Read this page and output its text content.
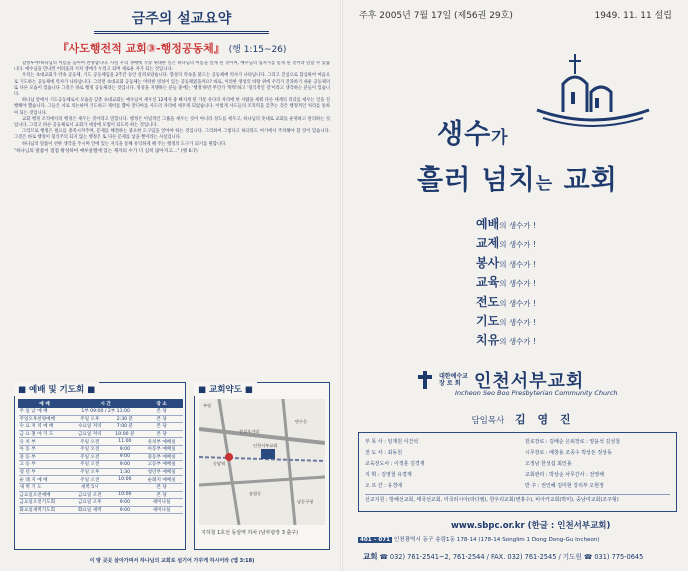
금주의 설교요약
『사도행전적 교회③-행정공동체』 (행 1:15~26)

할렐루야!하나님의 이름을 높이며 찬양합니다. 사실 우리 생애에 가장 위대한 일은 하나님의 이름을 알게 된 것이며, 예수님의 십자가를 믿게 된 것이라 말할 수 있습니다. 예수님을 만나면 어려움과 지치 생애가 누리고 되며 새로운 자가 되는 것입니다.

우리는 초대교회가 약속 공동체, 기도 공동체임을 2주간 동안 살펴보았습니다. 향상의 약속을 붙드는 공동체에 역사가 나타납니다. 그리고 진심으로 합심하여 마음으로 기도하는 공동체에 역사가 나타납니다. 그러면 초대교회 공동체는 어떠한 영성이 있는 공동체였을까요? 바로, 이러한 영성의 바탕 위에 우리가 간과하기 쉬운 공동체의 또 다른 모습이 있습니다 그것은 바로 행정 공동체라는 것입니다. 영성을 지탱하는 분들 중에는 '행정'하면 무언가 '딱딱'하고 '형식적인 것'이라고 생각하는 분들이 있습니다.

하나님 앞에서 기도공동체로서 모습을 갖춘 초대교회는 예수님이 세우신 12제자 중 빠지게 된 가룟 유다의 자리에 한 사람을 세워 다른 세계의 리더를 세우는 일을 진행해야 했습니다. 그들은 서로 의논하며 기도하고 제비를 뽑아 맛디아를 사도의 자리에 세우게 되었습니다. 이렇게 사도들의 조직력을 갖추는 것은 행정적인 처리를 통하여 되는 것입니다.

교회 행정 조직에서의 행정은 세우는 것이라고 말합니다. 행정은 이념적인 그룹을 세우는 것이 아니라 성도를 세우고, 하나님의 뜻대로 교회를 운영하고 관리하는 것입니다. 그리고 바른 공동체로서 교회가 세상에 모범이 되도록 하는 것입니다.

그리므로 행정은 필요를 충족시켜주며, 문제를 해결하는 중요한 도구임을 알아야 하는 것입니다. 그리하여 그렇다고 하더라도 여기에서 주의해야 할 것이 있습니다. 그것은 바로 행정이 형식주의 되지 않는 행정은 또 다른 문제를 낳을 뿐이라는 사실입니다.

하나님의 말씀이 선한 생각을 주시며 안에 있는 지식을 통해 유익하게 해 주는 행정의 도구가 되기를 원합니다.

"하나님의 말씀이 점점 왕성하여 예루살렘에 있는 제자의 수가 더 심히 많아지고…" (행 6:7)
■ 예배 및 기도회 ■
예 배	시 간		장 소
주 일 낮 예 배	1부 09:00 / 2부 11:00		본 당
주일오후찬양예배	주일 오후	2:30 분	본 당
수 요 저 녁 예 배	수요일 저녁	7:00 분	본 당
금 요 철 야 기 도	금요일 저녁	10:00 분	본 당
유 치 부	주일 오전	11:00	유치부 예배실
아 동 부	주일 오전	9:00	아동부 예배실
중 등 부	주일 오전	9:00	중등부 예배실
고 등 부	주일 오전	9:00	고등부 예배실
청 년 부	주일 오후	1:30	청년부 예배실
순 례 지 예 배	주일 오전	10:00	순례지 예배실
새 벽 기 도	새벽 5시		본 당
금요일오전예배	금요일 오전	10:00	본 당
금요일오전기도회	금요일 오후	9:00	세미나실
화요일새벽기도회	화요일 새벽	9:00	세미나실
■ 교회약도 ■
동암역
간석오거리
인천서부교회
만수동
송림동
남동구청
부평
지하철 1호선 동암역 하차 (남부광장 3 출구)
이 땅 곳곳 살아가며서 하나님의 교회로 섬기어 가꾸게 하시어라 (엡 3:18)
주후 2005년 7월 17일 (제56권 29호)	1949. 11. 11 설립
생수가
흘러 넘치는 교회
예배의 생수가 !
교제의 생수가 !
봉사의 생수가 !
교육의 생수가 !
전도의 생수가 !
기도의 생수가 !
치유의 생수가 !
대한예수교
장 로 회 인천서부교회
Incheon Seo Boo Presbyterian Community Church
담임목사 김 영 진
부 목 사 : 임재원 이건석	원로장로 : 김배순 은퇴장로 : 양윤석 김성철
전 도 사 : 최동원	시무장로 : 배창용 조종수 박상돈 정상동
교육전도사 : 이정훈 김경재	오정남 한성섭 최인용
지 휘 : 김영철 유경재	교회관리 : 박상순 사무간사 : 전영해
오 르 간 : 유경애	반 주 : 권인혜 김미현 강리부 오현정
선교지원 : 방해선교회, 태국선교회, 미국러시아(라다엠), 한우리교회(변홍수), 비아카교회(박미), 중남미교회(조주형)
www.sbpc.or.kr (한글 : 인천서부교회)
401 – 071 인천광역시 동구 송림1동 178-14 (178-14 Songlim 1 Dong Dong-Gu Incheon)
교회 ☎ 032) 761-2541~2, 761-2544 / FAX. 032) 761-2545 / 기도원 ☎ 031) 775-0645
